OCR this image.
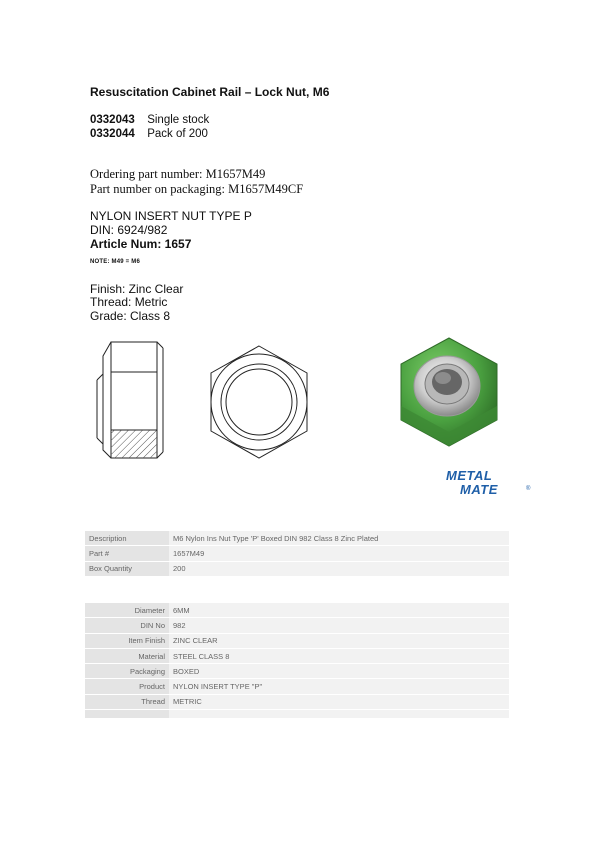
Resuscitation Cabinet Rail – Lock Nut, M6
0332043 Single stock
0332044 Pack of 200
Ordering part number: M1657M49
Part number on packaging: M1657M49CF
NYLON INSERT NUT TYPE P
DIN: 6924/982
Article Num: 1657
NOTE: M49 = M6
Finish: Zinc Clear
Thread: Metric
Grade: Class 8
METAL
MATE	®
Description	M6 Nylon Ins Nut Type 'P' Boxed DIN 982 Class 8 Zinc Plated
Part #	1657M49
Box Quantity	200
Diameter	6MM
DIN No	982
Item Finish	ZINC CLEAR
Material	STEEL CLASS 8
Packaging	BOXED
Product	NYLON INSERT TYPE "P"
Thread	METRIC
